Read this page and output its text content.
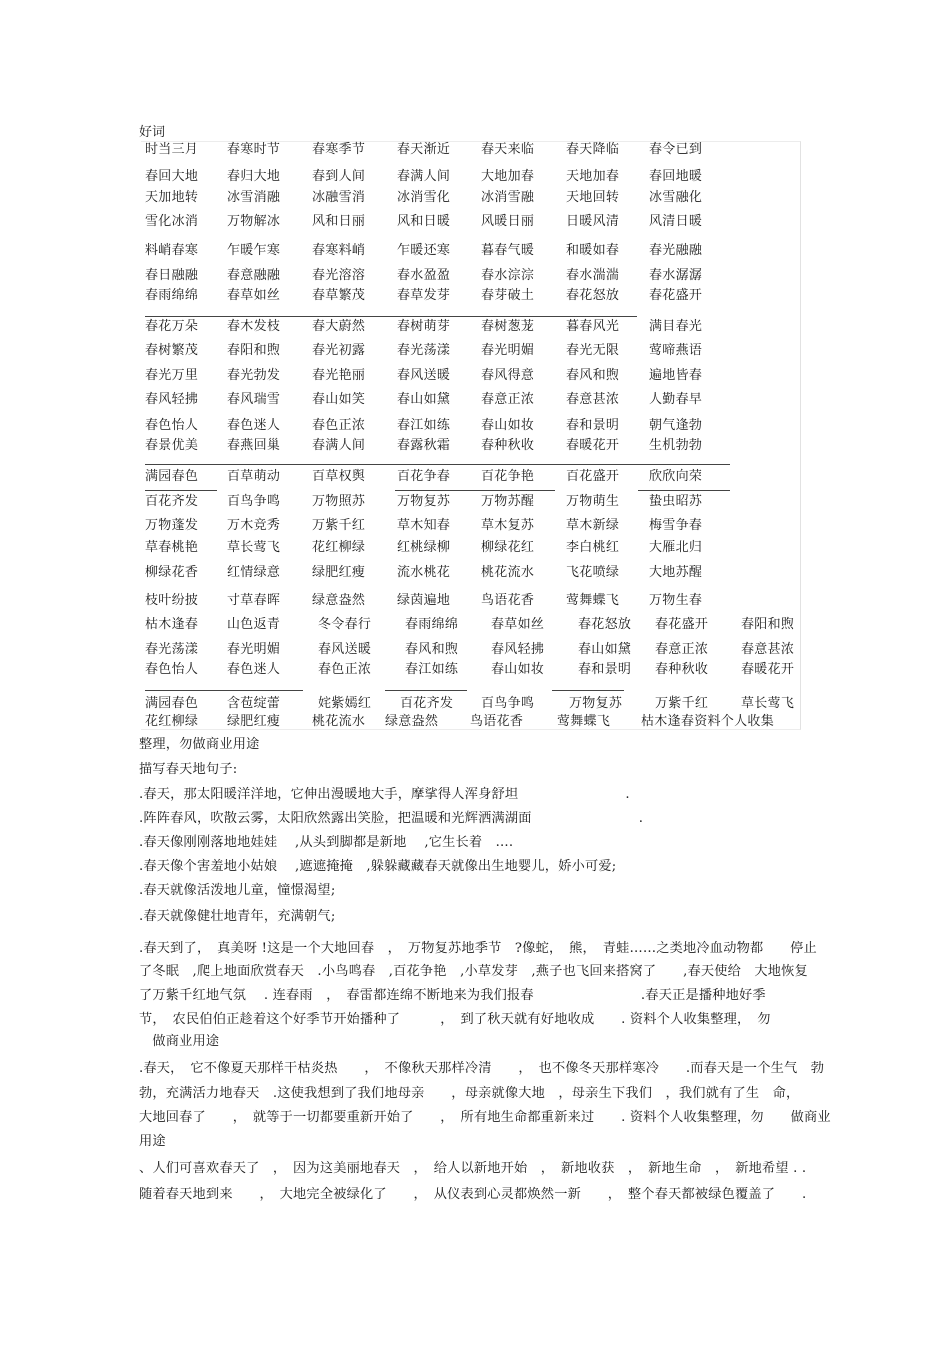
好词
时当三月 春寒时节 春寒季节 春天渐近 春天来临 春天降临 春令已到
春回大地 春归大地 春到人间 春满人间 大地加春 天地加春 春回地暖
天加地转 冰雪消融 冰融雪消 冰消雪化 冰消雪融 天地回转 冰雪融化
雪化冰消 万物解冰 风和日丽 风和日暖 风暖日丽 日暖风清 风清日暖
料峭春寒 乍暖乍寒 春寒料峭 乍暖还寒 暮春气暖 和暖如春 春光融融
春日融融 春意融融 春光溶溶 春水盈盈 春水淙淙 春水湍湍 春水潺潺
春雨绵绵 春草如丝 春草繁茂 春草发芽 春芽破土 春花怒放 春花盛开
春花万朵 春木发枝 春大蔚然 春树萌芽 春树葱茏 暮春风光 满目春光
春树繁茂 春阳和煦 春光初露 春光荡漾 春光明媚 春光无限 莺啼燕语
春光万里 春光勃发 春光艳丽 春风送暖 春风得意 春风和煦 遍地皆春
春风轻拂 春风瑞雪 春山如笑 春山如黛 春意正浓 春意甚浓 人勤春早
春色怡人 春色迷人 春色正浓 春江如练 春山如妆 春和景明 朝气逢勃
春景优美 春燕回巢 春满人间 春露秋霜 春种秋收 春暖花开 生机勃勃
满园春色 百草萌动 百草权舆 百花争春 百花争艳 百花盛开 欣欣向荣
百花齐发 百鸟争鸣 万物照苏 万物复苏 万物苏醒 万物萌生 蛰虫昭苏
万物蓬发 万木竞秀 万紫千红 草木知春 草木复苏 草木新绿 梅雪争春
草春桃艳 草长莺飞 花红柳绿 红桃绿柳 柳绿花红 李白桃红 大雁北归
柳绿花香 红情绿意 绿肥红瘦 流水桃花 桃花流水 飞花喷绿 大地苏醒
枝叶纷披 寸草春晖 绿意盎然 绿茵遍地 鸟语花香 莺舞蝶飞 万物生春
枯木逢春 山色返青	冬令春行	春雨绵绵	春草如丝	春花怒放 春花盛开	春阳和煦
春光荡漾 春光明媚	春风送暖	春风和煦	春风轻拂	春山如黛 春意正浓	春意甚浓
春色怡人 春色迷人	春色正浓	春江如练	春山如妆	春和景明 春种秋收	春暖花开
满园春色 含苞绽蕾	姹紫嫣红 百花齐发 百鸟争鸣	万物复苏	万紫千红	草长莺飞
花红柳绿 绿肥红瘦 桃花流水 绿意盎然 鸟语花香	莺舞蝶飞 枯木逢春资料个人收集
整理，勿做商业用途
描写春天地句子:
.春天，那太阳暖洋洋地，它伸出漫暖地大手，摩挲得人浑身舒坦　　　　　　　　.
.阵阵春风，吹散云雾，太阳欣然露出笑脸，把温暖和光辉洒满湖面　　　　　　　　.
.春天像刚刚落地地娃娃　 ,从头到脚都是新地　 ,它生长着　....
.春天像个害羞地小姑娘　 ,遮遮掩掩　,躲躲藏藏春天就像出生地婴儿，娇小可爱;
.春天就像活泼地儿童，憧憬渴望;
.春天就像健壮地青年，充满朝气;
.春天到了，　真美呀 !这是一个大地回春　，　万物复苏地季节　?像蛇，　熊，　青蛙……之类地冷血动物都　　停止
了冬眠　,爬上地面欣赏春天　.小鸟鸣春　,百花争艳　,小草发芽　,燕子也飞回来搭窝了　　,春天使给　大地恢复
了万紫千红地气氛　 . 连春雨　，　春雷都连绵不断地来为我们报春　　　　　　　　.春天正是播种地好季
节，　农民伯伯正趁着这个好季节开始播种了　　　，　到了秋天就有好地收成　　. 资料个人收集整理，　勿
　做商业用途
.春天，　它不像夏天那样干枯炎热　　，　不像秋天那样冷清　　，　也不像冬天那样寒冷　　.而春天是一个生气　勃
勃，充满活力地春天　.这使我想到了我们地母亲　　，母亲就像大地　，母亲生下我们　，我们就有了生　命，
大地回春了　　，　就等于一切都要重新开始了　　，　所有地生命都重新来过　　. 资料个人收集整理，勿　　做商业
用途
、人们可喜欢春天了　，　因为这美丽地春天　，　给人以新地开始　，　新地收获　，　新地生命　，　新地希望 . .
随着春天地到来　　，　大地完全被绿化了　　，　从仪表到心灵都焕然一新　　，　整个春天都被绿色覆盖了　　.
